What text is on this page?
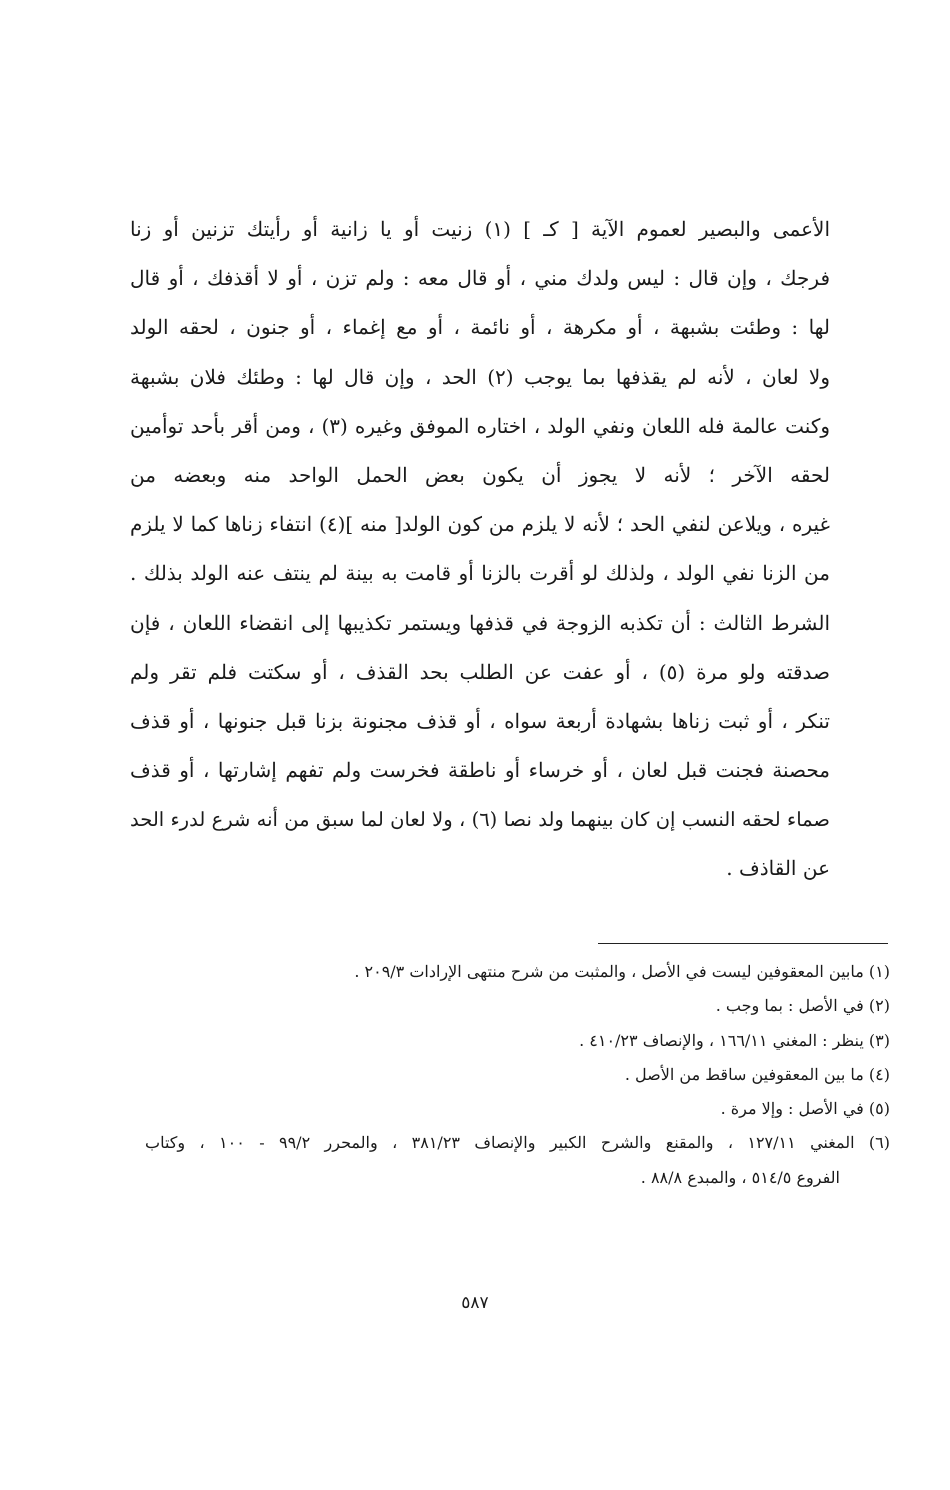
الأعمى والبصير لعموم الآية [ كـ ] (١) زنيت أو يا زانية أو رأيتك تزنين أو زنا
فرجك ، وإن قال : ليس ولدك مني ، أو قال معه : ولم تزن ، أو لا أقذفك ، أو قال
لها : وطئت بشبهة ، أو مكرهة ، أو نائمة ، أو مع إغماء ، أو جنون ، لحقه الولد
ولا لعان ، لأنه لم يقذفها بما يوجب (٢) الحد ، وإن قال لها : وطئك فلان بشبهة
وكنت عالمة فله اللعان ونفي الولد ، اختاره الموفق وغيره (٣) ، ومن أقر بأحد توأمين
لحقه الآخر ؛ لأنه لا يجوز أن يكون بعض الحمل الواحد منه وبعضه من
غيره ، ويلاعن لنفي الحد ؛ لأنه لا يلزم من كون الولد[ منه ](٤) انتفاء زناها كما لا يلزم
من الزنا نفي الولد ، ولذلك لو أقرت بالزنا أو قامت به بينة لم ينتف عنه الولد بذلك .
الشرط الثالث : أن تكذبه الزوجة في قذفها ويستمر تكذيبها إلى انقضاء اللعان ، فإن
صدقته ولو مرة (٥) ، أو عفت عن الطلب بحد القذف ، أو سكتت فلم تقر ولم
تنكر ، أو ثبت زناها بشهادة أربعة سواه ، أو قذف مجنونة بزنا قبل جنونها ، أو قذف
محصنة فجنت قبل لعان ، أو خرساء أو ناطقة فخرست ولم تفهم إشارتها ، أو قذف
صماء لحقه النسب إن كان بينهما ولد نصا (٦) ، ولا لعان لما سبق من أنه شرع لدرء الحد
عن القاذف .
(١) مابين المعقوفين ليست في الأصل ، والمثبت من شرح منتهى الإرادات ٢٠٩/٣ .
(٢) في الأصل : بما وجب .
(٣) ينظر : المغني ١٦٦/١١ ، والإنصاف ٤١٠/٢٣ .
(٤) ما بين المعقوفين ساقط من الأصل .
(٥) في الأصل : وإلا مرة .
(٦) المغني ١٢٧/١١ ، والمقنع والشرح الكبير والإنصاف ٣٨١/٢٣ ، والمحرر ٩٩/٢ - ١٠٠ ، وكتاب
الفروع ٥١٤/٥ ، والمبدع ٨٨/٨ .
٥٨٧
